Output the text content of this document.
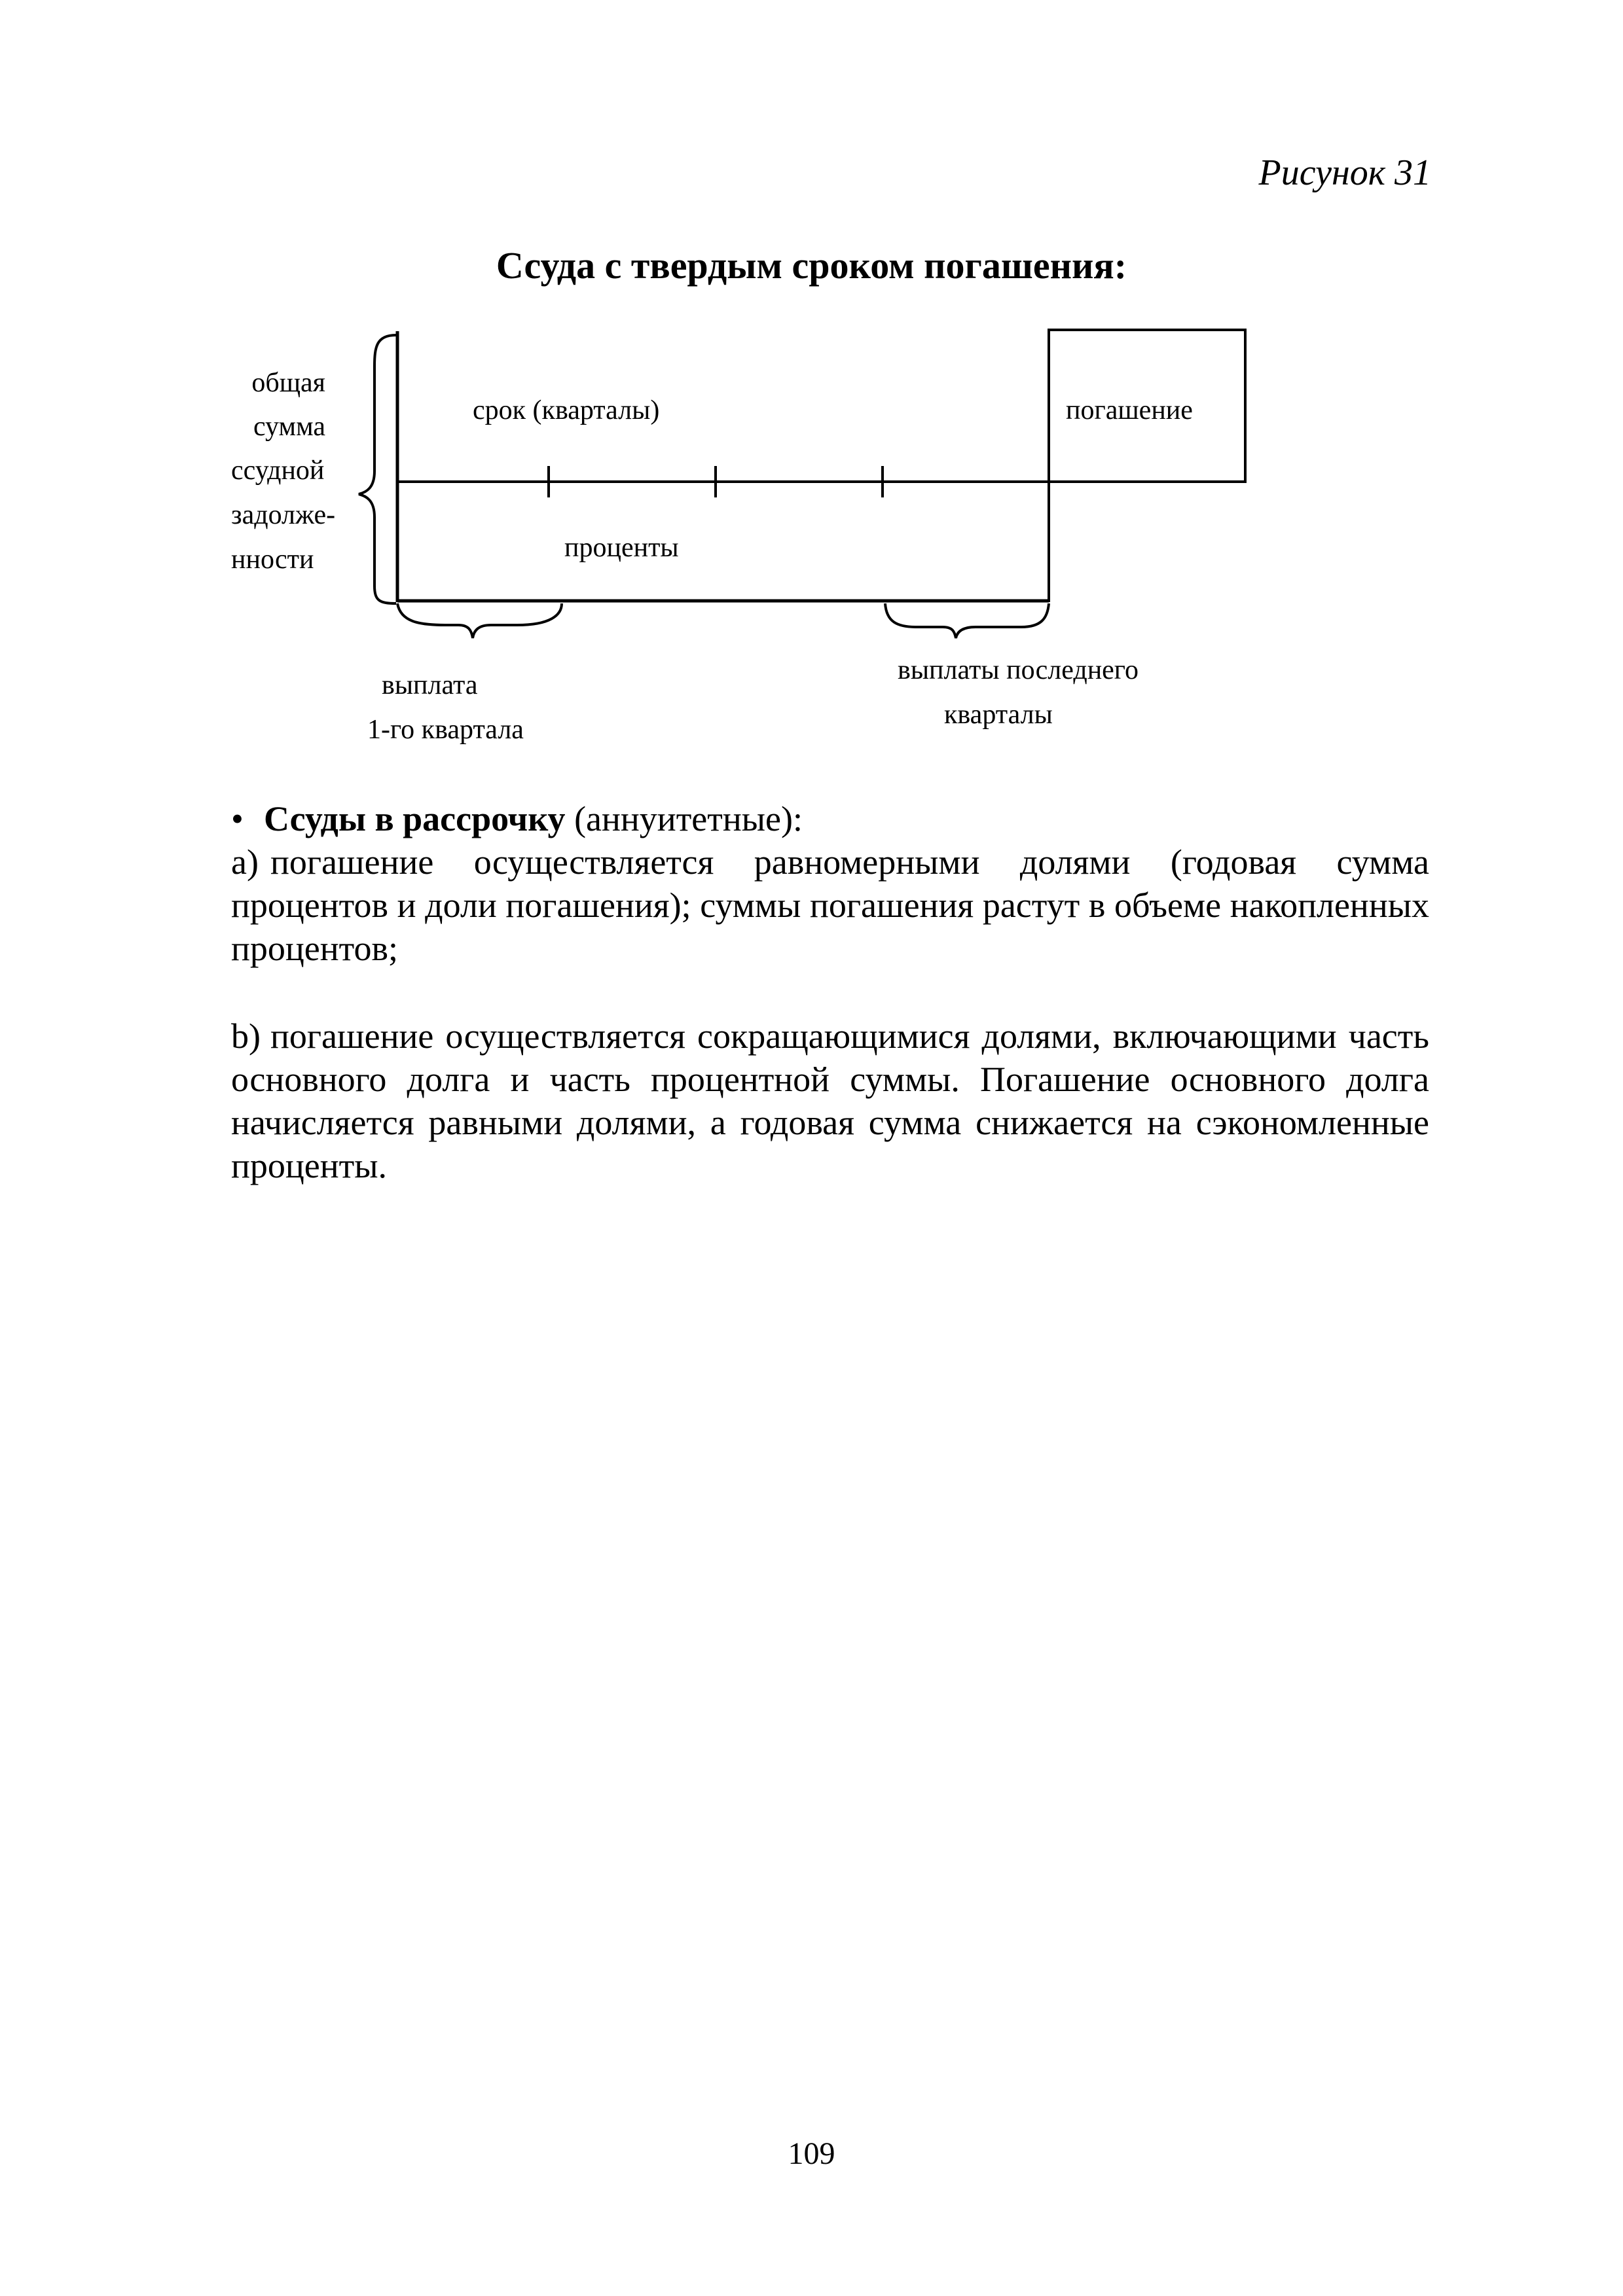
Рисунок 31
Ссуда с твердым сроком погашения:
общая
сумма
ссудной
задолже-
нности
срок (кварталы)
проценты
погашение
выплата
1-го квартала
выплаты последнего
кварталы
• Ссуды в рассрочку (аннуитетные):
a) погашение осуществляется равномерными долями (годовая сумма процентов и доли погашения); суммы погашения растут в объеме накопленных процентов;
b) погашение осуществляется сокращающимися долями, включающими часть основного долга и часть процентной суммы. Погашение основного долга начисляется равными долями, а годовая сумма снижается на сэкономленные проценты.
109
